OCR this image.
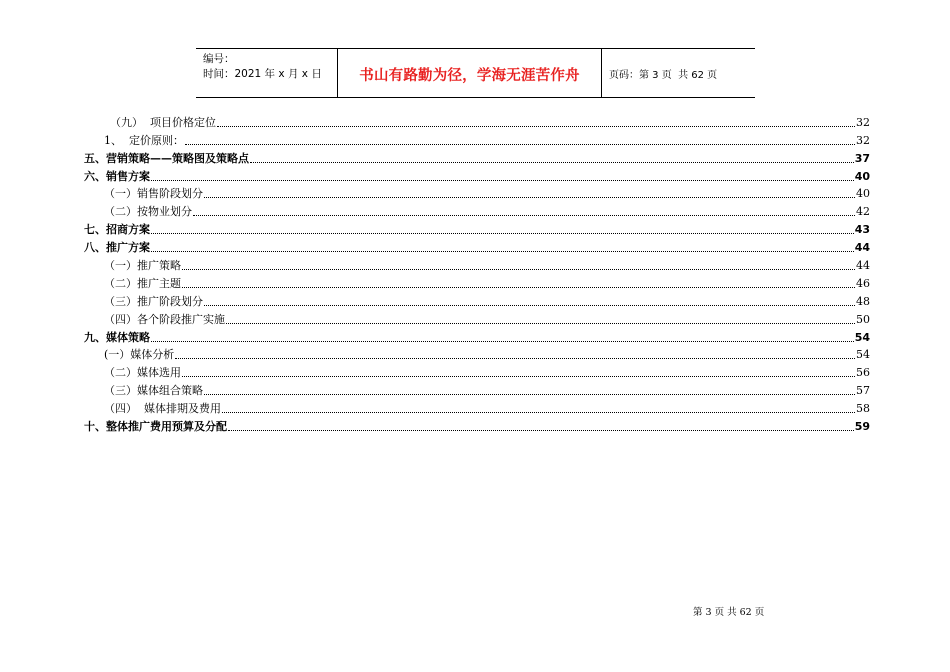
编号：
时间：2021 年 x 月 x 日	书山有路勤为径，学海无涯苦作舟	页码：第 3 页  共 62 页
（九）  项目价格定位	32
1、  定价原则：	32
五、营销策略——策略图及策略点	37
六、销售方案	40
（一）销售阶段划分	40
（二）按物业划分	42
七、招商方案	43
八、推广方案	44
（一）推广策略	44
（二）推广主题	46
（三）推广阶段划分	48
（四）各个阶段推广实施	50
九、媒体策略	54
(一）媒体分析	54
（二）媒体选用	56
（三）媒体组合策略	57
（四）  媒体排期及费用	58
十、整体推广费用预算及分配	59
第 3 页 共 62 页
